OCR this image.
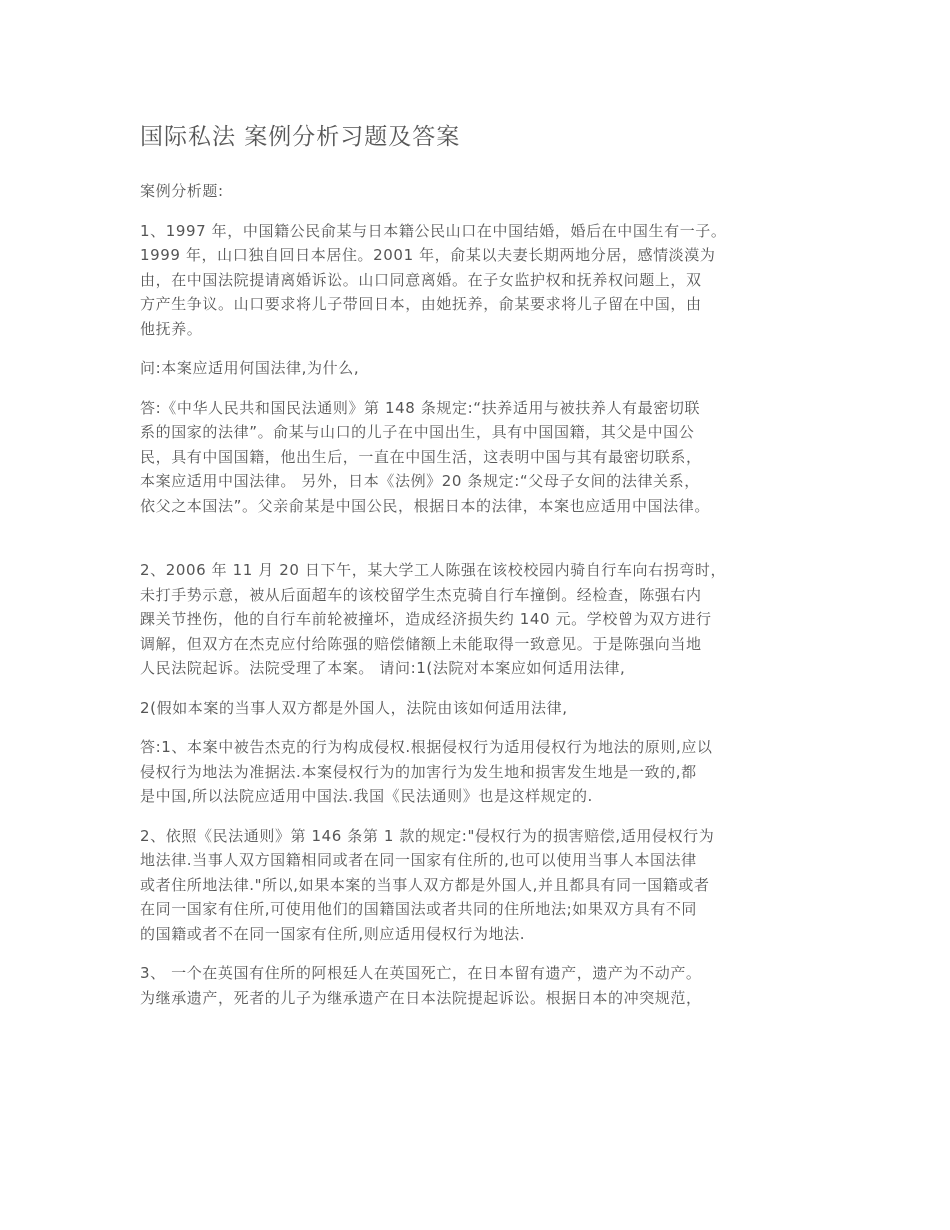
国际私法 案例分析习题及答案

案例分析题:

1、1997 年，中国籍公民俞某与日本籍公民山口在中国结婚，婚后在中国生有一子。
1999 年，山口独自回日本居住。2001 年，俞某以夫妻长期两地分居，感情淡漠为
由，在中国法院提请离婚诉讼。山口同意离婚。在子女监护权和抚养权问题上，双
方产生争议。山口要求将儿子带回日本，由她抚养，俞某要求将儿子留在中国，由
他抚养。

问:本案应适用何国法律,为什么,

答:《中华人民共和国民法通则》第 148 条规定:“扶养适用与被扶养人有最密切联
系的国家的法律”。俞某与山口的儿子在中国出生，具有中国国籍，其父是中国公
民，具有中国国籍，他出生后，一直在中国生活，这表明中国与其有最密切联系，
本案应适用中国法律。 另外，日本《法例》20 条规定:“父母子女间的法律关系，
依父之本国法”。父亲俞某是中国公民，根据日本的法律，本案也应适用中国法律。

2、2006 年 11 月 20 日下午，某大学工人陈强在该校校园内骑自行车向右拐弯时，
未打手势示意，被从后面超车的该校留学生杰克骑自行车撞倒。经检查，陈强右内
踝关节挫伤，他的自行车前轮被撞坏，造成经济损失约 140 元。学校曾为双方进行
调解，但双方在杰克应付给陈强的赔偿储额上未能取得一致意见。于是陈强向当地
人民法院起诉。法院受理了本案。 请问:1(法院对本案应如何适用法律,

2(假如本案的当事人双方都是外国人，法院由该如何适用法律,

答:1、本案中被告杰克的行为构成侵权.根据侵权行为适用侵权行为地法的原则,应以
侵权行为地法为准据法.本案侵权行为的加害行为发生地和损害发生地是一致的,都
是中国,所以法院应适用中国法.我国《民法通则》也是这样规定的.

2、依照《民法通则》第 146 条第 1 款的规定:"侵权行为的损害赔偿,适用侵权行为
地法律.当事人双方国籍相同或者在同一国家有住所的,也可以使用当事人本国法律
或者住所地法律."所以,如果本案的当事人双方都是外国人,并且都具有同一国籍或者
在同一国家有住所,可使用他们的国籍国法或者共同的住所地法;如果双方具有不同
的国籍或者不在同一国家有住所,则应适用侵权行为地法.

3、 一个在英国有住所的阿根廷人在英国死亡，在日本留有遗产，遗产为不动产。
为继承遗产，死者的儿子为继承遗产在日本法院提起诉讼。根据日本的冲突规范，
